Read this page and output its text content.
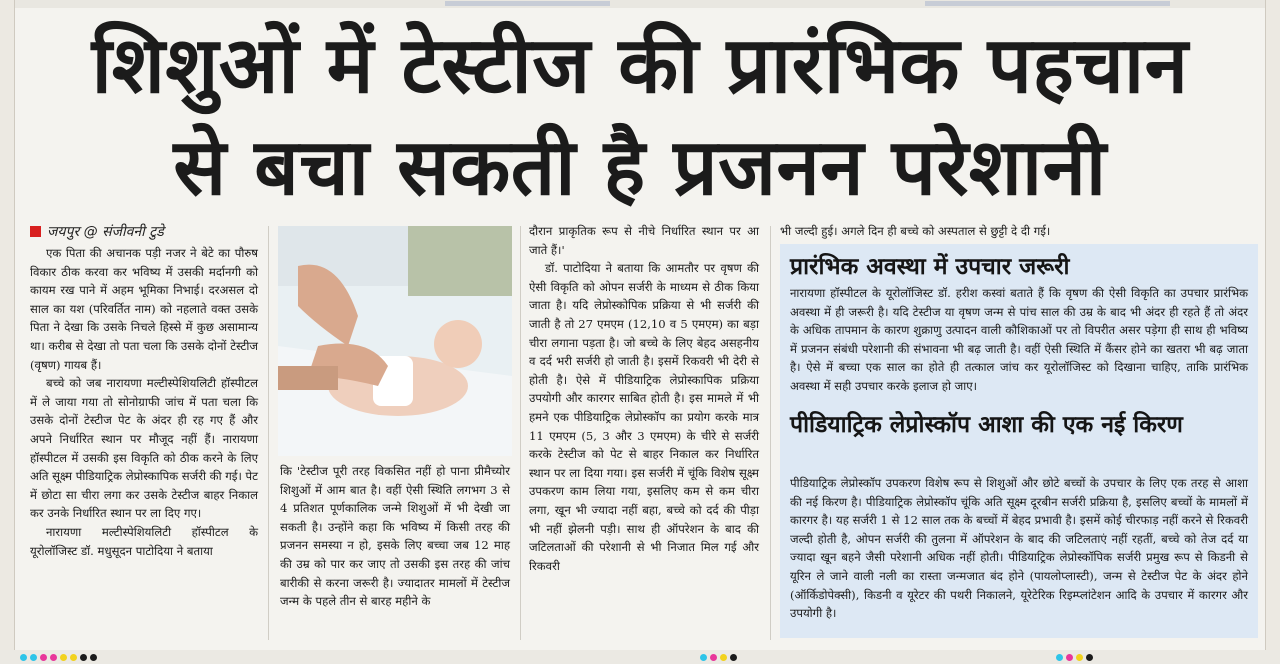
शिशुओं में टेस्टीज की प्रारंभिक पहचान
से बचा सकती है प्रजनन परेशानी
जयपुर @ संजीवनी टुडे

एक पिता की अचानक पड़ी नजर ने बेटे का पौरुष विकार ठीक करवा कर भविष्य में उसकी मर्दानगी को कायम रख पाने में अहम भूमिका निभाई। दरअसल दो साल का यश (परिवर्तित नाम) को नहलाते वक्त उसके पिता ने देखा कि उसके निचले हिस्से में कुछ असामान्य था। करीब से देखा तो पता चला कि उसके दोनों टेस्टीज (वृषण) गायब हैं।

बच्चे को जब नारायणा मल्टीस्पेशियलिटी हॉस्पीटल में ले जाया गया तो सोनोग्राफी जांच में पता चला कि उसके दोनों टेस्टीज पेट के अंदर ही रह गए हैं और अपने निर्धारित स्थान पर मौजूद नहीं हैं। नारायणा हॉस्पीटल में उसकी इस विकृति को ठीक करने के लिए अति सूक्ष्म पीडियाट्रिक लेप्रोस्कापिक सर्जरी की गई। पेट में छोटा सा चीरा लगा कर उसके टेस्टीज बाहर निकाल कर उनके निर्धारित स्थान पर ला दिए गए।

नारायणा मल्टीस्पेशियलिटी हॉस्पीटल के यूरोलॉजिस्ट डॉ. मधुसूदन पाटोदिया ने बताया

कि 'टेस्टीज पूरी तरह विकसित नहीं हो पाना प्रीमैच्योर शिशुओं में आम बात है। वहीं ऐसी स्थिति लगभग 3 से 4 प्रतिशत पूर्णकालिक जन्मे शिशुओं में भी देखी जा सकती है। उन्होंने कहा कि भविष्य में किसी तरह की प्रजनन समस्या न हो, इसके लिए बच्चा जब 12 माह की उम्र को पार कर जाए तो उसकी इस तरह की जांच बारीकी से करना जरूरी है। ज्यादातर मामलों में टेस्टीज जन्म के पहले तीन से बारह महीने के

दौरान प्राकृतिक रूप से नीचे निर्धारित स्थान पर आ जाते हैं।'

डॉ. पाटोदिया ने बताया कि आमतौर पर वृषण की ऐसी विकृति को ओपन सर्जरी के माध्यम से ठीक किया जाता है। यदि लेप्रोस्कोपिक प्रक्रिया से भी सर्जरी की जाती है तो 27 एमएम (12,10 व 5 एमएम) का बड़ा चीरा लगाना पड़ता है। जो बच्चे के लिए बेहद असहनीय व दर्द भरी सर्जरी हो जाती है। इसमें रिकवरी भी देरी से होती है। ऐसे में पीडियाट्रिक लेप्रोस्कापिक प्रक्रिया उपयोगी और कारगर साबित होती है। इस मामले में भी हमने एक पीडियाट्रिक लेप्रोस्कॉप का प्रयोग करके मात्र 11 एमएम (5, 3 और 3 एमएम) के चीरे से सर्जरी करके टेस्टीज को पेट से बाहर निकाल कर निर्धारित स्थान पर ला दिया गया। इस सर्जरी में चूंकि विशेष सूक्ष्म उपकरण काम लिया गया, इसलिए कम से कम चीरा लगा, खून भी ज्यादा नहीं बहा, बच्चे को दर्द की पीड़ा भी नहीं झेलनी पड़ी। साथ ही ऑपरेशन के बाद की जटिलताओं की परेशानी से भी निजात मिल गई और रिकवरी

भी जल्दी हुई। अगले दिन ही बच्चे को अस्पताल से छुट्टी दे दी गई।

प्रारंभिक अवस्था में उपचार जरूरी
नारायणा हॉस्पीटल के यूरोलॉजिस्ट डॉ. हरीश कस्वां बताते हैं कि वृषण की ऐसी विकृति का उपचार प्रारंभिक अवस्था में ही जरूरी है। यदि टेस्टीज या वृषण जन्म से पांच साल की उम्र के बाद भी अंदर ही रहते हैं तो अंदर के अधिक तापमान के कारण शुक्राणु उत्पादन वाली कौशिकाओं पर तो विपरीत असर पड़ेगा ही साथ ही भविष्य में प्रजनन संबंधी परेशानी की संभावना भी बढ़ जाती है। वहीं ऐसी स्थिति में कैंसर होने का खतरा भी बढ़ जाता है। ऐसे में बच्चा एक साल का होते ही तत्काल जांच कर यूरोलॉजिस्ट को दिखाना चाहिए, ताकि प्रारंभिक अवस्था में सही उपचार करके इलाज हो जाए।
पीडियाट्रिक लेप्रोस्कॉप आशा की एक नई किरण
पीडियाट्रिक लेप्रोस्कॉप उपकरण विशेष रूप से शिशुओं और छोटे बच्चों के उपचार के लिए एक तरह से आशा की नई किरण है। पीडियाट्रिक लेप्रोस्कॉप चूंकि अति सूक्ष्म दूरबीन सर्जरी प्रक्रिया है, इसलिए बच्चों के मामलों में कारगर है। यह सर्जरी 1 से 12 साल तक के बच्चों में बेहद प्रभावी है। इसमें कोई चीरफाड़ नहीं करने से रिकवरी जल्दी होती है, ओपन सर्जरी की तुलना में ऑपरेशन के बाद की जटिलताएं नहीं रहतीं, बच्चे को तेज दर्द या ज्यादा खून बहने जैसी परेशानी अधिक नहीं होती। पीडियाट्रिक लेप्रोस्कॉपिक सर्जरी प्रमुख रूप से किडनी से यूरिन ले जाने वाली नली का रास्ता जन्मजात बंद होने (पायलोप्लास्टी), जन्म से टेस्टीज पेट के अंदर होने (ऑर्किडोपेक्सी), किडनी व यूरेटर की पथरी निकालने, यूरेटेरिक रिइम्प्लांटेशन आदि के उपचार में कारगर और उपयोगी है।
